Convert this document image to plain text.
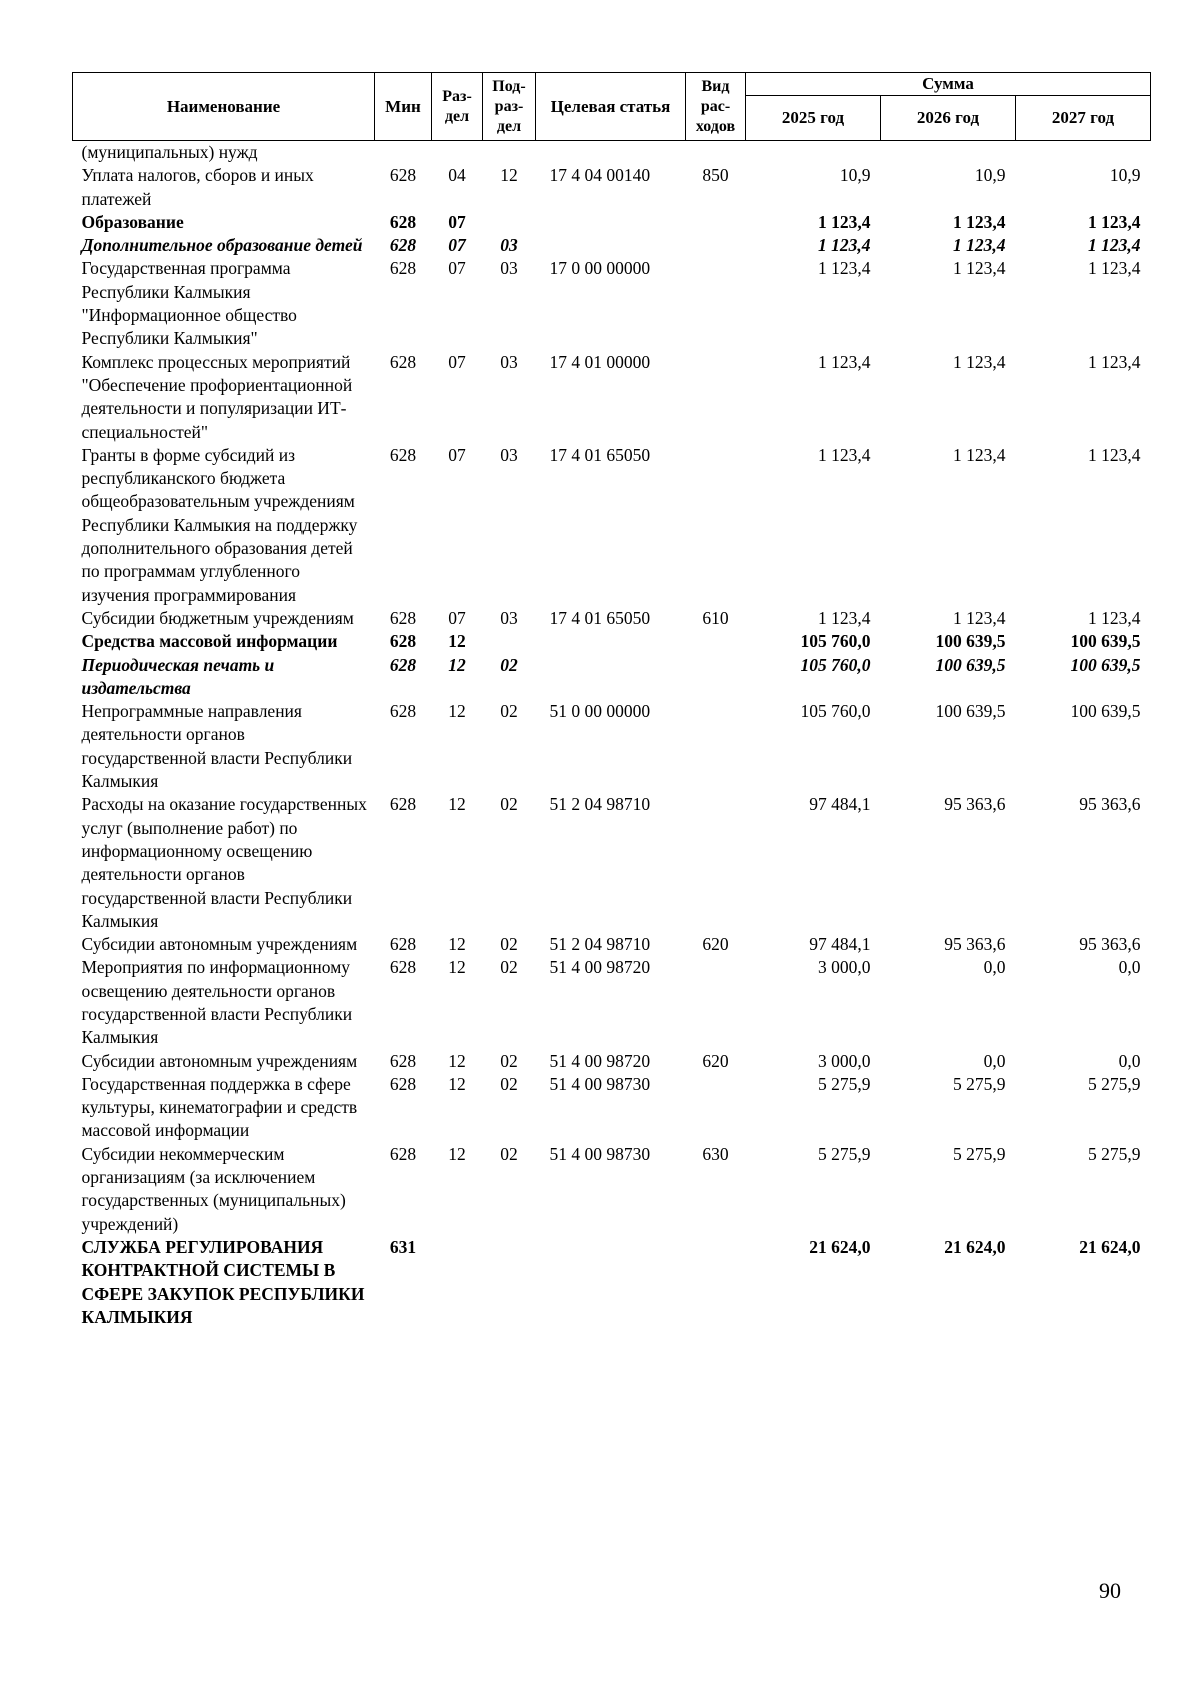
Наименование	Мин	Раз-дел	Под-раз-дел	Целевая статья	Вид рас-ходов	Сумма		
						2025 год	2026 год	2027 год
(муниципальных) нужд								
Уплата налогов, сборов и иных платежей	628	04	12	17 4 04 00140	850	10,9	10,9	10,9
Образование	628	07				1 123,4	1 123,4	1 123,4
Дополнительное образование детей	628	07	03			1 123,4	1 123,4	1 123,4
Государственная программа Республики Калмыкия "Информационное общество Республики Калмыкия"	628	07	03	17 0 00 00000		1 123,4	1 123,4	1 123,4
Комплекс процессных мероприятий "Обеспечение профориентационной деятельности и популяризации ИТ-специальностей"	628	07	03	17 4 01 00000		1 123,4	1 123,4	1 123,4
Гранты в форме субсидий из республиканского бюджета общеобразовательным учреждениям Республики Калмыкия на поддержку дополнительного образования детей по программам углубленного изучения программирования	628	07	03	17 4 01 65050		1 123,4	1 123,4	1 123,4
Субсидии бюджетным учреждениям	628	07	03	17 4 01 65050	610	1 123,4	1 123,4	1 123,4
Средства массовой информации	628	12				105 760,0	100 639,5	100 639,5
Периодическая печать и издательства	628	12	02			105 760,0	100 639,5	100 639,5
Непрограммные направления деятельности органов государственной власти Республики Калмыкия	628	12	02	51 0 00 00000		105 760,0	100 639,5	100 639,5
Расходы на оказание государственных услуг (выполнение работ) по информационному освещению деятельности органов государственной власти Республики Калмыкия	628	12	02	51 2 04 98710		97 484,1	95 363,6	95 363,6
Субсидии автономным учреждениям	628	12	02	51 2 04 98710	620	97 484,1	95 363,6	95 363,6
Мероприятия по информационному освещению деятельности органов государственной власти Республики Калмыкия	628	12	02	51 4 00 98720		3 000,0	0,0	0,0
Субсидии автономным учреждениям	628	12	02	51 4 00 98720	620	3 000,0	0,0	0,0
Государственная поддержка в сфере культуры, кинематографии и средств массовой информации	628	12	02	51 4 00 98730		5 275,9	5 275,9	5 275,9
Субсидии некоммерческим организациям (за исключением государственных (муниципальных) учреждений)	628	12	02	51 4 00 98730	630	5 275,9	5 275,9	5 275,9
СЛУЖБА РЕГУЛИРОВАНИЯ КОНТРАКТНОЙ СИСТЕМЫ В СФЕРЕ ЗАКУПОК РЕСПУБЛИКИ КАЛМЫКИЯ	631					21 624,0	21 624,0	21 624,0
90
